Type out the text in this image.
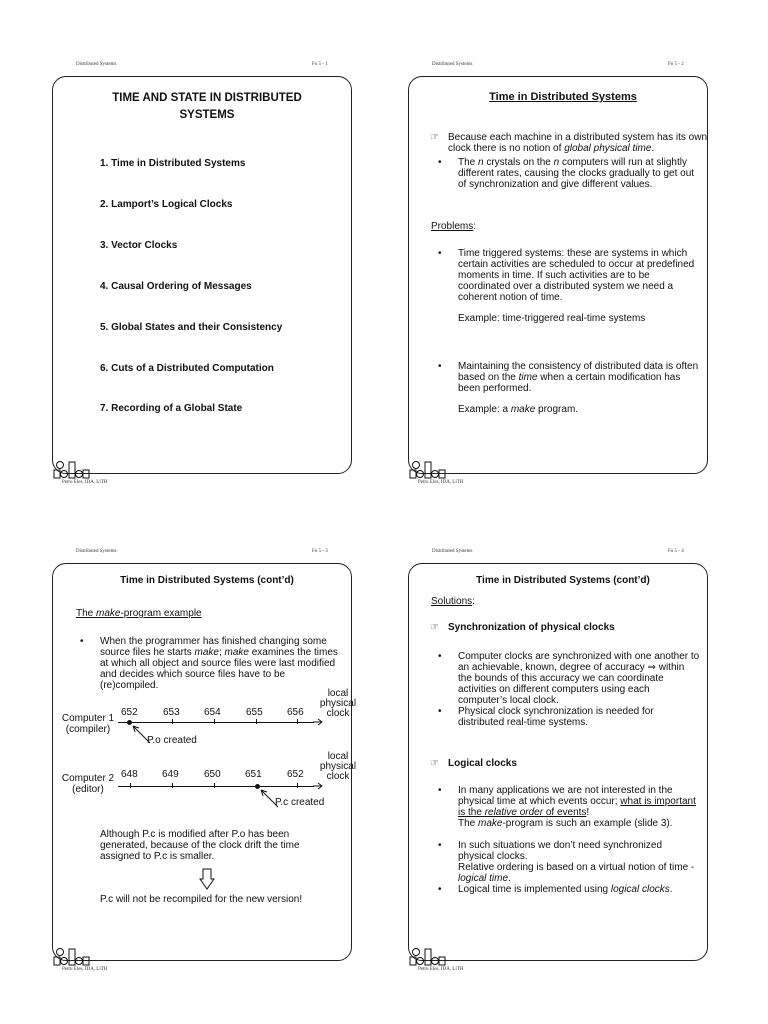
Distributed Systems	Fo 5 - 1
TIME AND STATE IN DISTRIBUTED
SYSTEMS
1. Time in Distributed Systems
2. Lamport’s Logical Clocks
3. Vector Clocks
4. Causal Ordering of Messages
5. Global States and their Consistency
6. Cuts of a Distributed Computation
7. Recording of a Global State
Petru Eles, IDA, LiTH
Distributed Systems	Fo 5 - 2
Time in Distributed Systems
☞ Because each machine in a distributed system has its own clock there is no notion of global physical time.
• The n crystals on the n computers will run at slightly different rates, causing the clocks gradually to get out of synchronization and give different values.
Problems:
• Time triggered systems: these are systems in which certain activities are scheduled to occur at predefined moments in time. If such activities are to be coordinated over a distributed system we need a coherent notion of time.
Example: time-triggered real-time systems
• Maintaining the consistency of distributed data is often based on the time when a certain modification has been performed.
Example: a make program.
Petru Eles, IDA, LiTH
Distributed Systems	Fo 5 - 3
Time in Distributed Systems (cont’d)
The make-program example
• When the programmer has finished changing some source files he starts make; make examines the times at which all object and source files were last modified and decides which source files have to be (re)compiled.
local
physical
clock
Computer 1
(compiler)
652	653 654	655 656
P.o created
local
physical
clock
Computer 2
(editor)
648 649	650 651	652
P.c created
Although P.c is modified after P.o has been
generated, because of the clock drift the time
assigned to P.c is smaller.
P.c will not be recompiled for the new version!
Petru Eles, IDA, LiTH
Distributed Systems	Fo 5 - 4
Time in Distributed Systems (cont’d)
Solutions:
☞ Synchronization of physical clocks
• Computer clocks are synchronized with one another to an achievable, known, degree of accuracy ⇒ within the bounds of this accuracy we can coordinate activities on different computers using each computer’s local clock.
• Physical clock synchronization is needed for distributed real-time systems.
☞ Logical clocks
• In many applications we are not interested in the physical time at which events occur; what is important is the relative order of events!
The make-program is such an example (slide 3).
• In such situations we don’t need synchronized physical clocks.
Relative ordering is based on a virtual notion of time - logical time.
• Logical time is implemented using logical clocks.
Petru Eles, IDA, LiTH
